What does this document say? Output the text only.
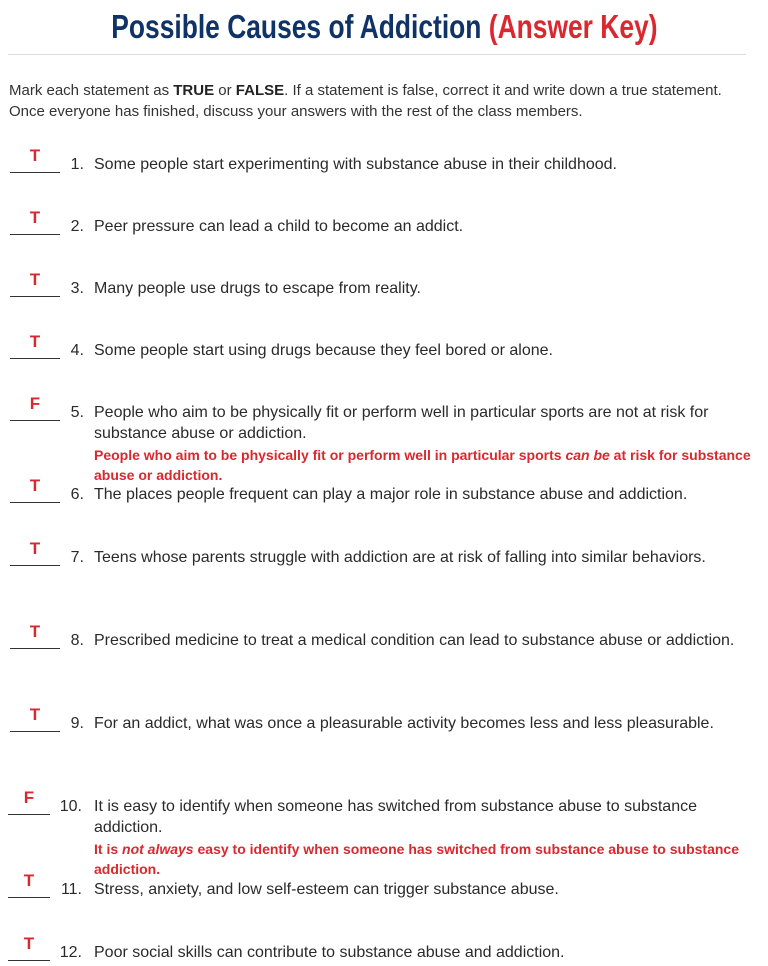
Possible Causes of Addiction (Answer Key)
Mark each statement as TRUE or FALSE. If a statement is false, correct it and write down a true statement. Once everyone has finished, discuss your answers with the rest of the class members.
T	1. Some people start experimenting with substance abuse in their childhood.
T	2. Peer pressure can lead a child to become an addict.
T	3. Many people use drugs to escape from reality.
T	4. Some people start using drugs because they feel bored or alone.
F	5. People who aim to be physically fit or perform well in particular sports are not at risk for substance abuse or addiction.
People who aim to be physically fit or perform well in particular sports can be at risk for substance abuse or addiction.
T	6. The places people frequent can play a major role in substance abuse and addiction.
T	7. Teens whose parents struggle with addiction are at risk of falling into similar behaviors.
T	8. Prescribed medicine to treat a medical condition can lead to substance abuse or addiction.
T	9. For an addict, what was once a pleasurable activity becomes less and less pleasurable.
F	10. It is easy to identify when someone has switched from substance abuse to substance addiction.
It is not always easy to identify when someone has switched from substance abuse to substance addiction.
T	11. Stress, anxiety, and low self-esteem can trigger substance abuse.
T	12. Poor social skills can contribute to substance abuse and addiction.
